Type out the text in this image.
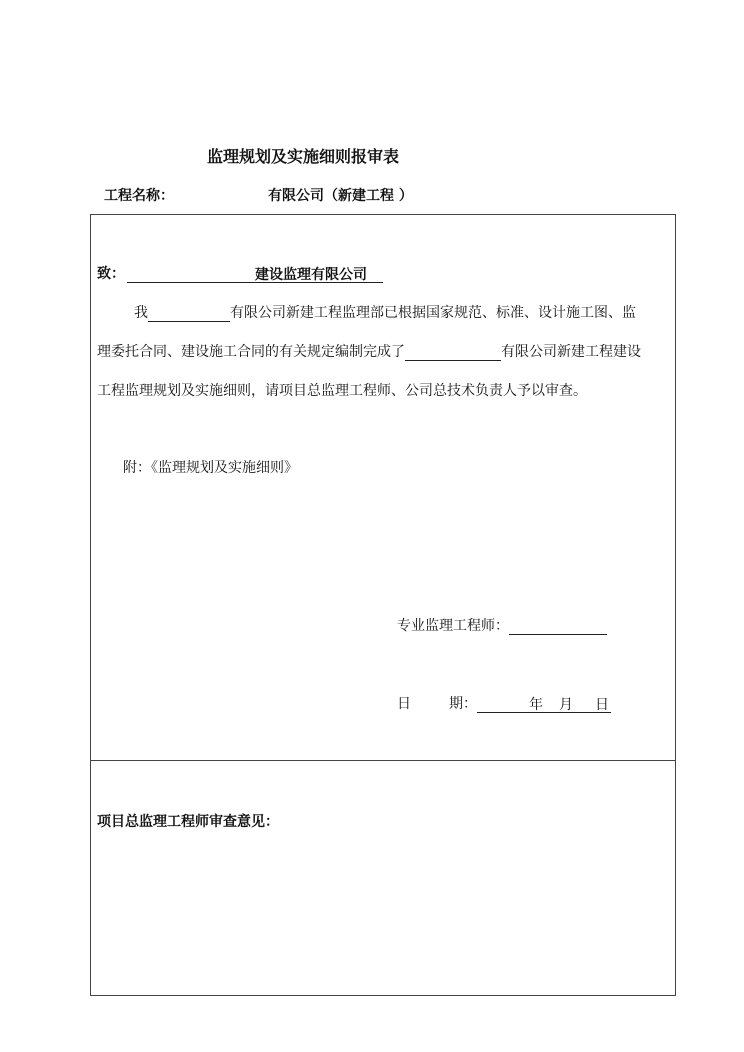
监理规划及实施细则报审表
工程名称：	有限公司（新建工程 ）
致：	建设监理有限公司
我	有限公司新建工程监理部已根据国家规范、标准、设计施工图、监
理委托合同、建设施工合同的有关规定编制完成了	有限公司新建工程建设
工程监理规划及实施细则，请项目总监理工程师、公司总技术负责人予以审查。
附：《监理规划及实施细则》
专业监理工程师：
日	期：	年 月 日
项目总监理工程师审查意见：
